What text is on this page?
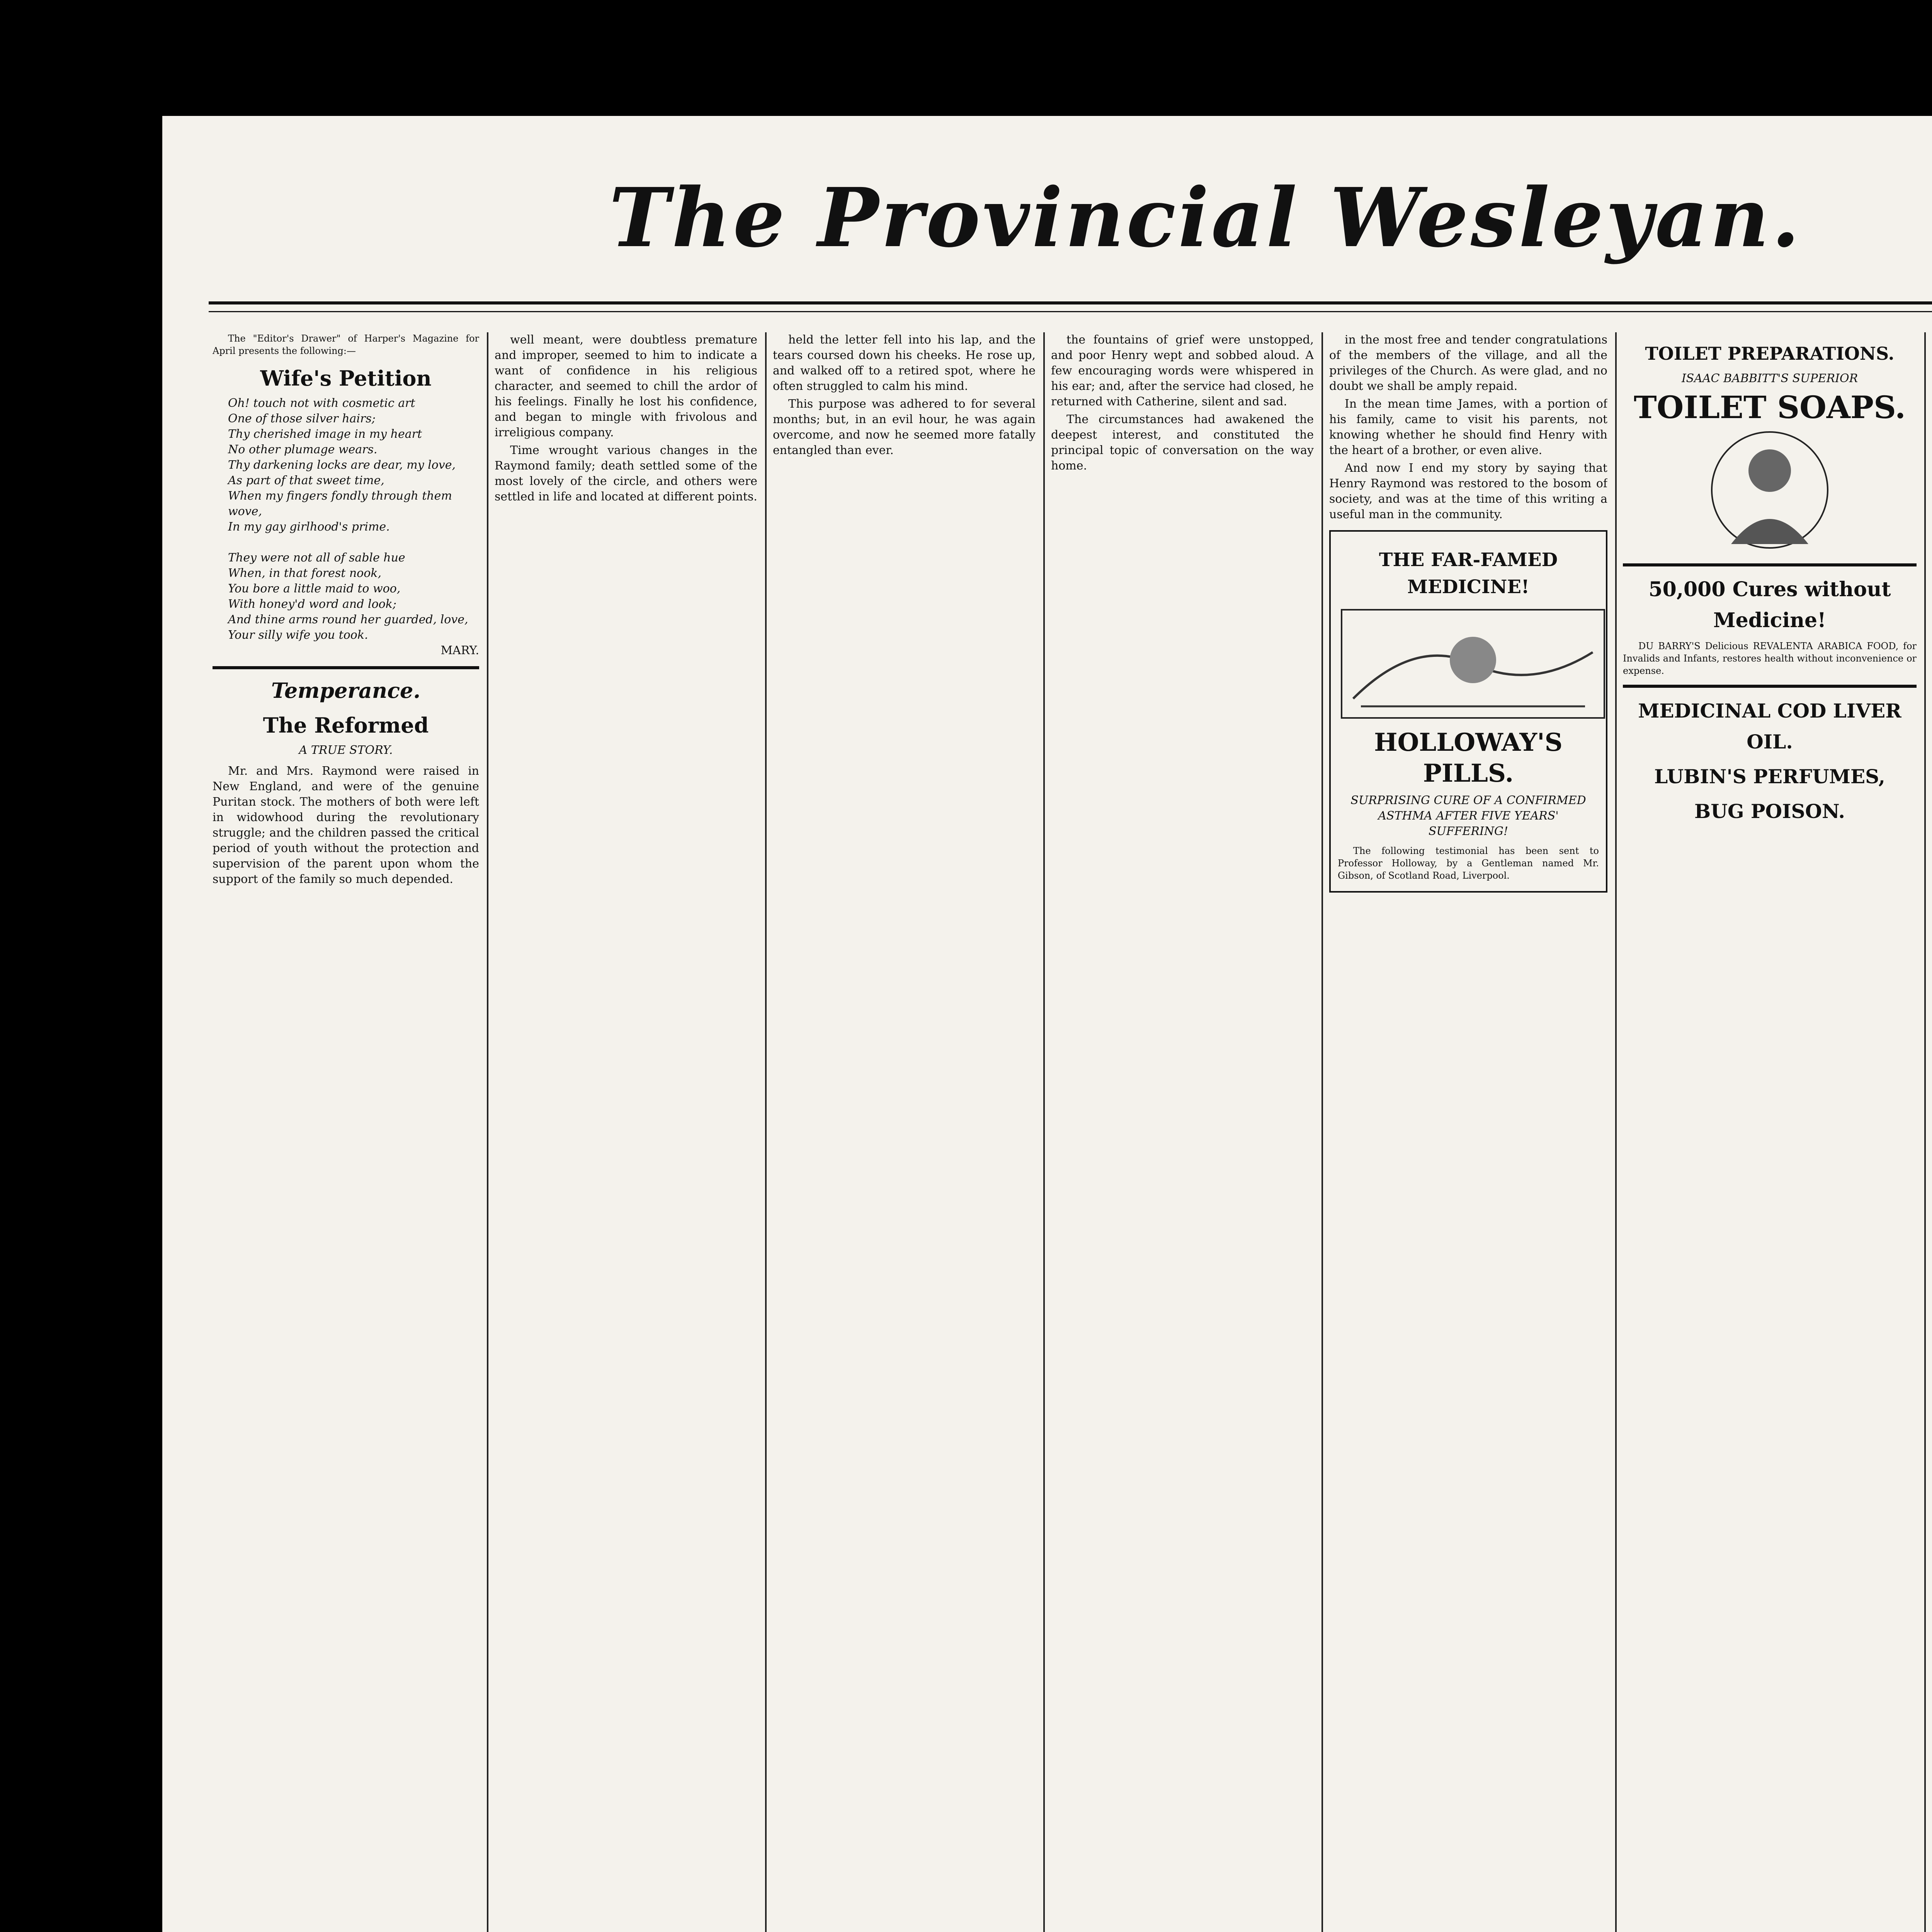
The Provincial Wesleyan.

The "Editor's Drawer" of Harper's Magazine for April presents the following:—

Wife's Petition
Oh! touch not with cosmetic art
One of those silver hairs;
Thy cherished image in my heart
No other plumage wears.
Thy darkening locks are dear, my love,
As part of that sweet time,
When my fingers fondly through them wove,
In my gay girlhood's prime.

They were not all of sable hue
When, in that forest nook,
You bore a little maid to woo,
With honey'd word and look;
And thine arms round her guarded, love,
Your silly wife you took.
MARY.
Temperance.
The Reformed
A TRUE STORY.

Mr. and Mrs. Raymond were raised in New England, and were of the genuine Puritan stock. The mothers of both were left in widowhood during the revolutionary struggle; and the children passed the critical period of youth without the protection and supervision of the parent upon whom the support of the family so much depended.

well meant, were doubtless premature and improper, seemed to him to indicate a want of confidence in his religious character, and seemed to chill the ardor of his feelings. Finally he lost his confidence, and began to mingle with frivolous and irreligious company.

Time wrought various changes in the Raymond family; death settled some of the most lovely of the circle, and others were settled in life and located at different points.

held the letter fell into his lap, and the tears coursed down his cheeks. He rose up, and walked off to a retired spot, where he often struggled to calm his mind.

This purpose was adhered to for several months; but, in an evil hour, he was again overcome, and now he seemed more fatally entangled than ever.

the fountains of grief were unstopped, and poor Henry wept and sobbed aloud. A few encouraging words were whispered in his ear; and, after the service had closed, he returned with Catherine, silent and sad.

The circumstances had awakened the deepest interest, and constituted the principal topic of conversation on the way home.

in the most free and tender congratulations of the members of the village, and all the privileges of the Church. As were glad, and no doubt we shall be amply repaid.

In the mean time James, with a portion of his family, came to visit his parents, not knowing whether he should find Henry with the heart of a brother, or even alive.

And now I end my story by saying that Henry Raymond was restored to the bosom of society, and was at the time of this writing a useful man in the community.

THE FAR-FAMED MEDICINE!
HOLLOWAY'S PILLS.
SURPRISING CURE OF A CONFIRMED ASTHMA AFTER FIVE YEARS' SUFFERING!

The following testimonial has been sent to Professor Holloway, by a Gentleman named Mr. Gibson, of Scotland Road, Liverpool.

TOILET PREPARATIONS.
ISAAC BABBITT'S SUPERIOR
TOILET SOAPS.
50,000 Cures without Medicine!

DU BARRY'S Delicious REVALENTA ARABICA FOOD, for Invalids and Infants, restores health without inconvenience or expense.

MEDICINAL COD LIVER OIL.
LUBIN'S PERFUMES,
BUG POISON.
